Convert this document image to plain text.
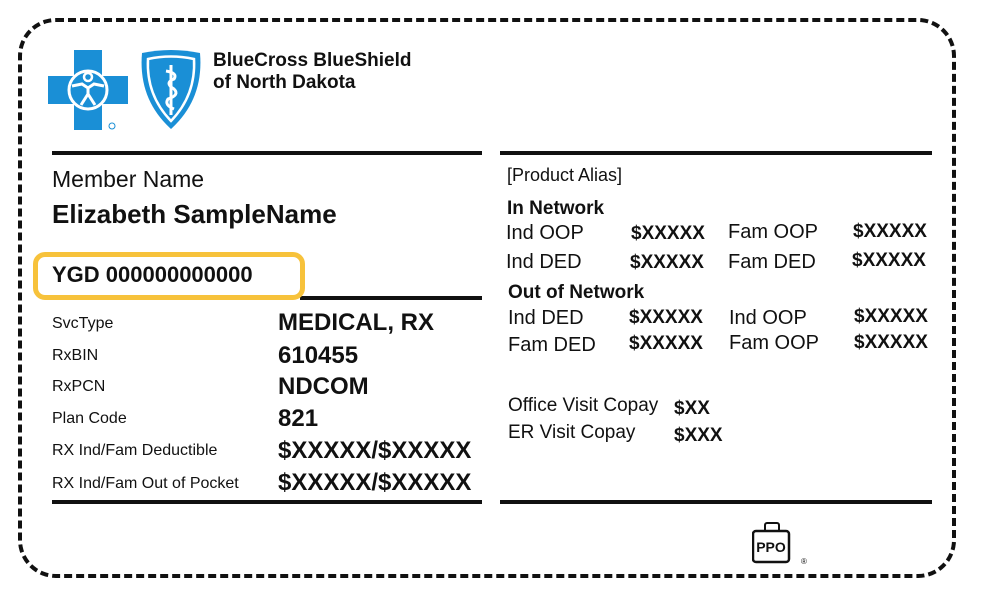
BlueCross BlueShield
of North Dakota
Member Name
Elizabeth SampleName
YGD 000000000000
SvcType	MEDICAL, RX
RxBIN	610455
RxPCN	NDCOM
Plan Code	821
RX Ind/Fam Deductible	$XXXXX/$XXXXX
RX Ind/Fam Out of Pocket $XXXXX/$XXXXX
[Product Alias]
In Network
Ind OOP $XXXXX Fam OOP $XXXXX
Ind DED	$XXXXX Fam DED $XXXXX
Out of Network
Ind DED $XXXXX Ind OOP $XXXXX
Fam DED $XXXXX Fam OOP $XXXXX
Office Visit Copay $XX
ER Visit Copay $XXX
PPO
®
